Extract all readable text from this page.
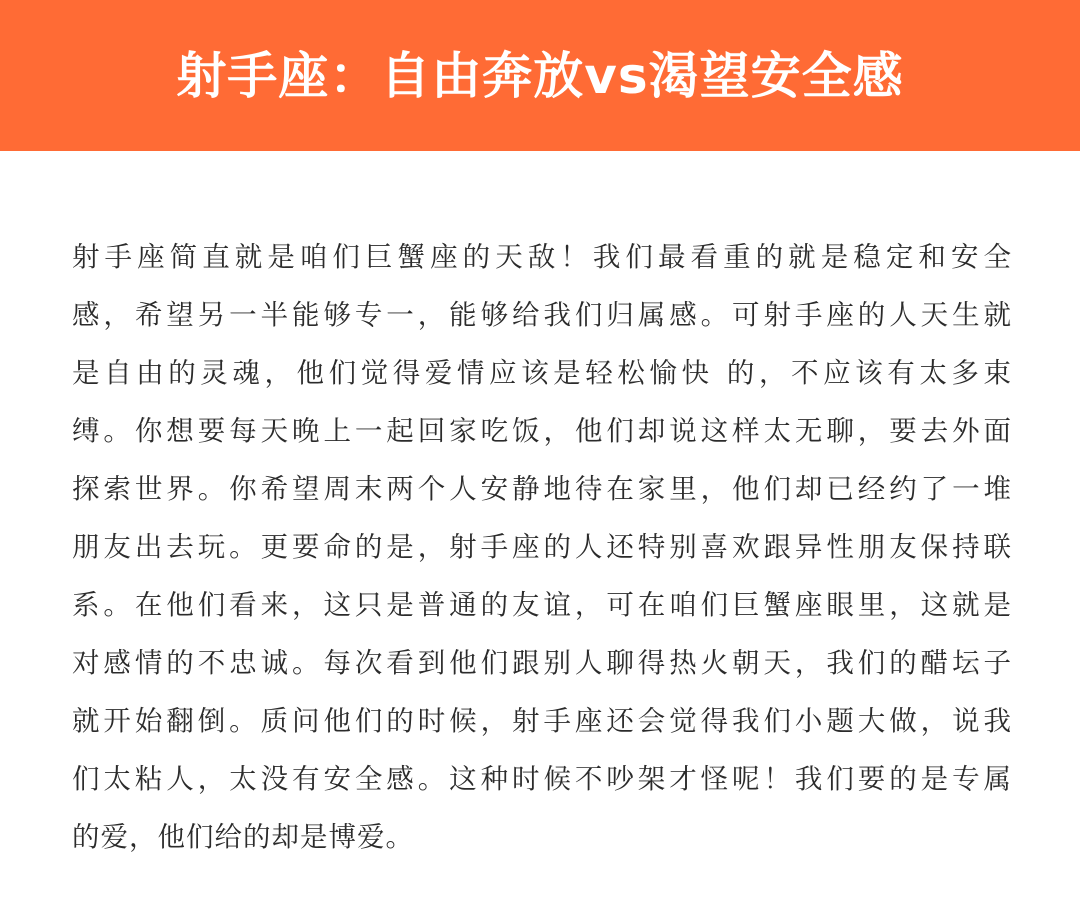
射手座：自由奔放vs渴望安全感
射手座简直就是咱们巨蟹座的天敌！我们最看重的就是稳定和安全
感，希望另一半能够专一，能够给我们归属感。可射手座的人天生就
是自由的灵魂，他们觉得爱情应该是轻松愉快 的，不应该有太多束
缚。你想要每天晚上一起回家吃饭，他们却说这样太无聊，要去外面
探索世界。你希望周末两个人安静地待在家里，他们却已经约了一堆
朋友出去玩。更要命的是，射手座的人还特别喜欢跟异性朋友保持联
系。在他们看来，这只是普通的友谊，可在咱们巨蟹座眼里，这就是
对感情的不忠诚。每次看到他们跟别人聊得热火朝天，我们的醋坛子
就开始翻倒。质问他们的时候，射手座还会觉得我们小题大做，说我
们太粘人，太没有安全感。这种时候不吵架才怪呢！我们要的是专属
的爱，他们给的却是博爱。
